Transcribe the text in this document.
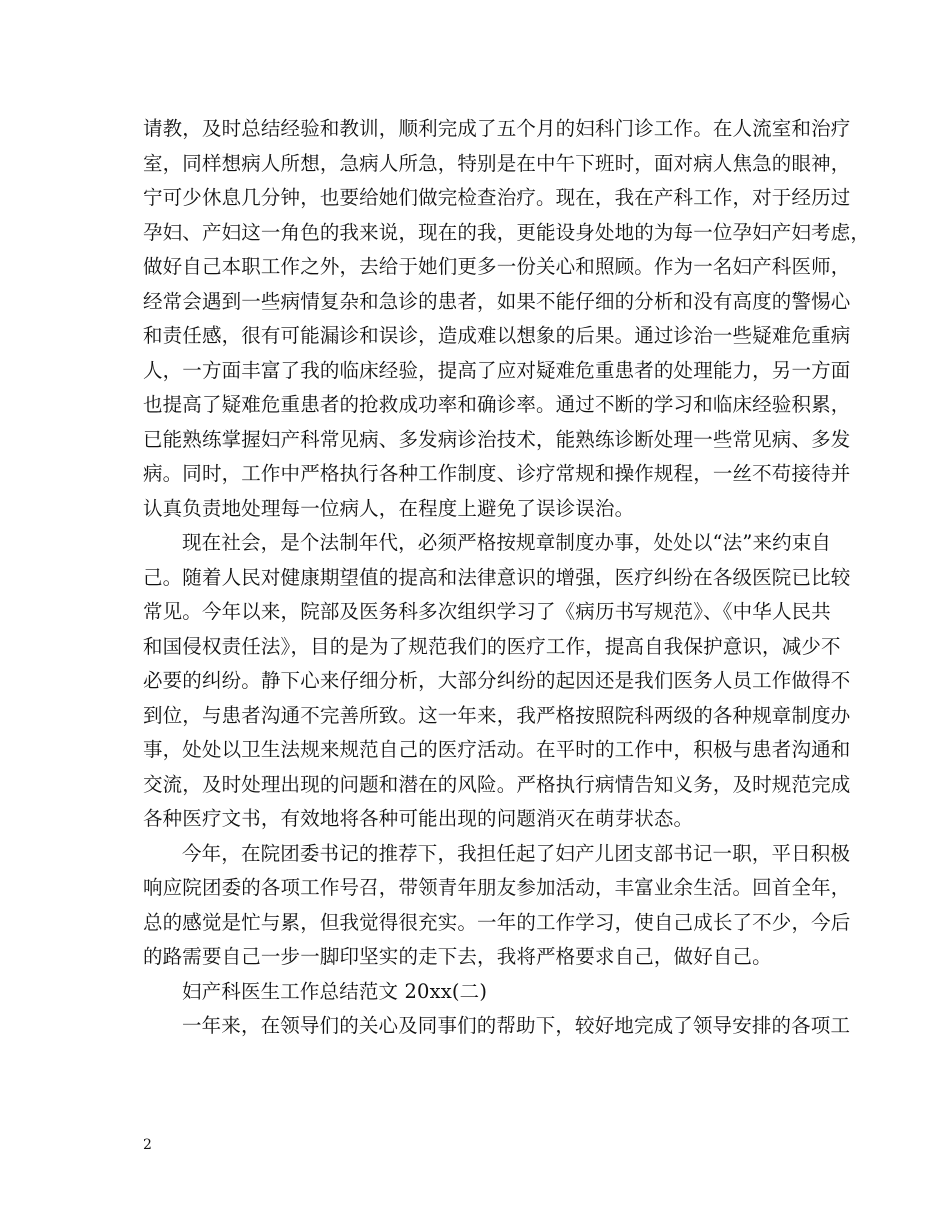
请教，及时总结经验和教训，顺利完成了五个月的妇科门诊工作。在人流室和治疗
室，同样想病人所想，急病人所急，特别是在中午下班时，面对病人焦急的眼神，
宁可少休息几分钟，也要给她们做完检查治疗。现在，我在产科工作，对于经历过
孕妇、产妇这一角色的我来说，现在的我，更能设身处地的为每一位孕妇产妇考虑，
做好自己本职工作之外，去给于她们更多一份关心和照顾。作为一名妇产科医师，
经常会遇到一些病情复杂和急诊的患者，如果不能仔细的分析和没有高度的警惕心
和责任感，很有可能漏诊和误诊，造成难以想象的后果。通过诊治一些疑难危重病
人，一方面丰富了我的临床经验，提高了应对疑难危重患者的处理能力，另一方面
也提高了疑难危重患者的抢救成功率和确诊率。通过不断的学习和临床经验积累，
已能熟练掌握妇产科常见病、多发病诊治技术，能熟练诊断处理一些常见病、多发
病。同时，工作中严格执行各种工作制度、诊疗常规和操作规程，一丝不苟接待并
认真负责地处理每一位病人，在程度上避免了误诊误治。
现在社会，是个法制年代，必须严格按规章制度办事，处处以“法”来约束自
己。随着人民对健康期望值的提高和法律意识的增强，医疗纠纷在各级医院已比较
常见。今年以来，院部及医务科多次组织学习了《病历书写规范》、《中华人民共
和国侵权责任法》，目的是为了规范我们的医疗工作，提高自我保护意识，减少不
必要的纠纷。静下心来仔细分析，大部分纠纷的起因还是我们医务人员工作做得不
到位，与患者沟通不完善所致。这一年来，我严格按照院科两级的各种规章制度办
事，处处以卫生法规来规范自己的医疗活动。在平时的工作中，积极与患者沟通和
交流，及时处理出现的问题和潜在的风险。严格执行病情告知义务，及时规范完成
各种医疗文书，有效地将各种可能出现的问题消灭在萌芽状态。
今年，在院团委书记的推荐下，我担任起了妇产儿团支部书记一职，平日积极
响应院团委的各项工作号召，带领青年朋友参加活动，丰富业余生活。回首全年，
总的感觉是忙与累，但我觉得很充实。一年的工作学习，使自己成长了不少，今后
的路需要自己一步一脚印坚实的走下去，我将严格要求自己，做好自己。
妇产科医生工作总结范文 20xx(二)
一年来，在领导们的关心及同事们的帮助下，较好地完成了领导安排的各项工
2
